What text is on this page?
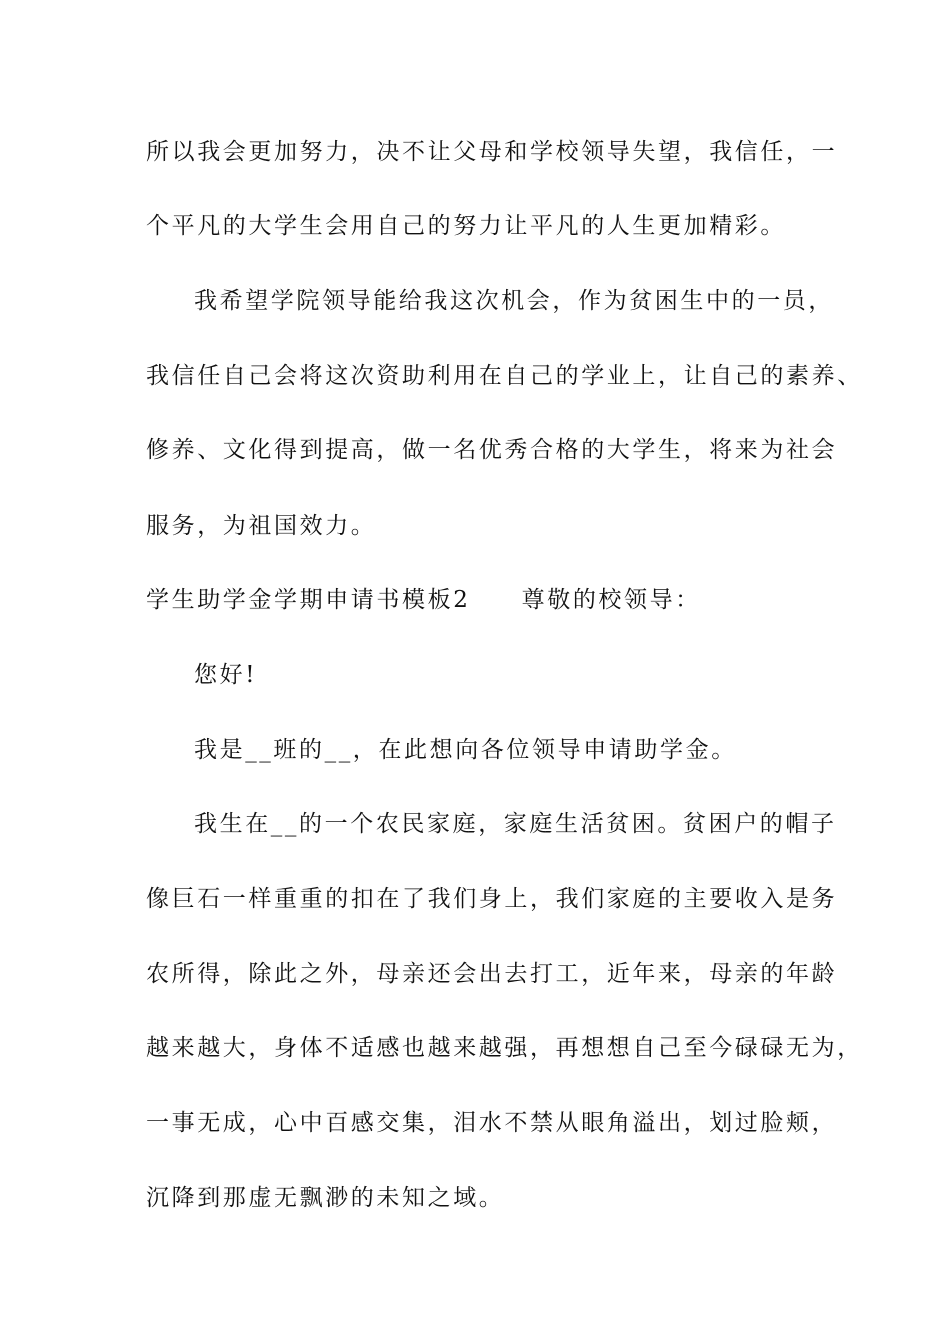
所以我会更加努力，决不让父母和学校领导失望，我信任，一

个平凡的大学生会用自己的努力让平凡的人生更加精彩。

我希望学院领导能给我这次机会，作为贫困生中的一员，

我信任自己会将这次资助利用在自己的学业上，让自己的素养、

修养、文化得到提高，做一名优秀合格的大学生，将来为社会

服务，为祖国效力。

学生助学金学期申请书模板2　　尊敬的校领导：

您好!

我是__班的__，在此想向各位领导申请助学金。

我生在__的一个农民家庭，家庭生活贫困。贫困户的帽子

像巨石一样重重的扣在了我们身上，我们家庭的主要收入是务

农所得，除此之外，母亲还会出去打工，近年来，母亲的年龄

越来越大，身体不适感也越来越强，再想想自己至今碌碌无为，

一事无成，心中百感交集，泪水不禁从眼角溢出，划过脸颊，

沉降到那虚无飘渺的未知之域。
